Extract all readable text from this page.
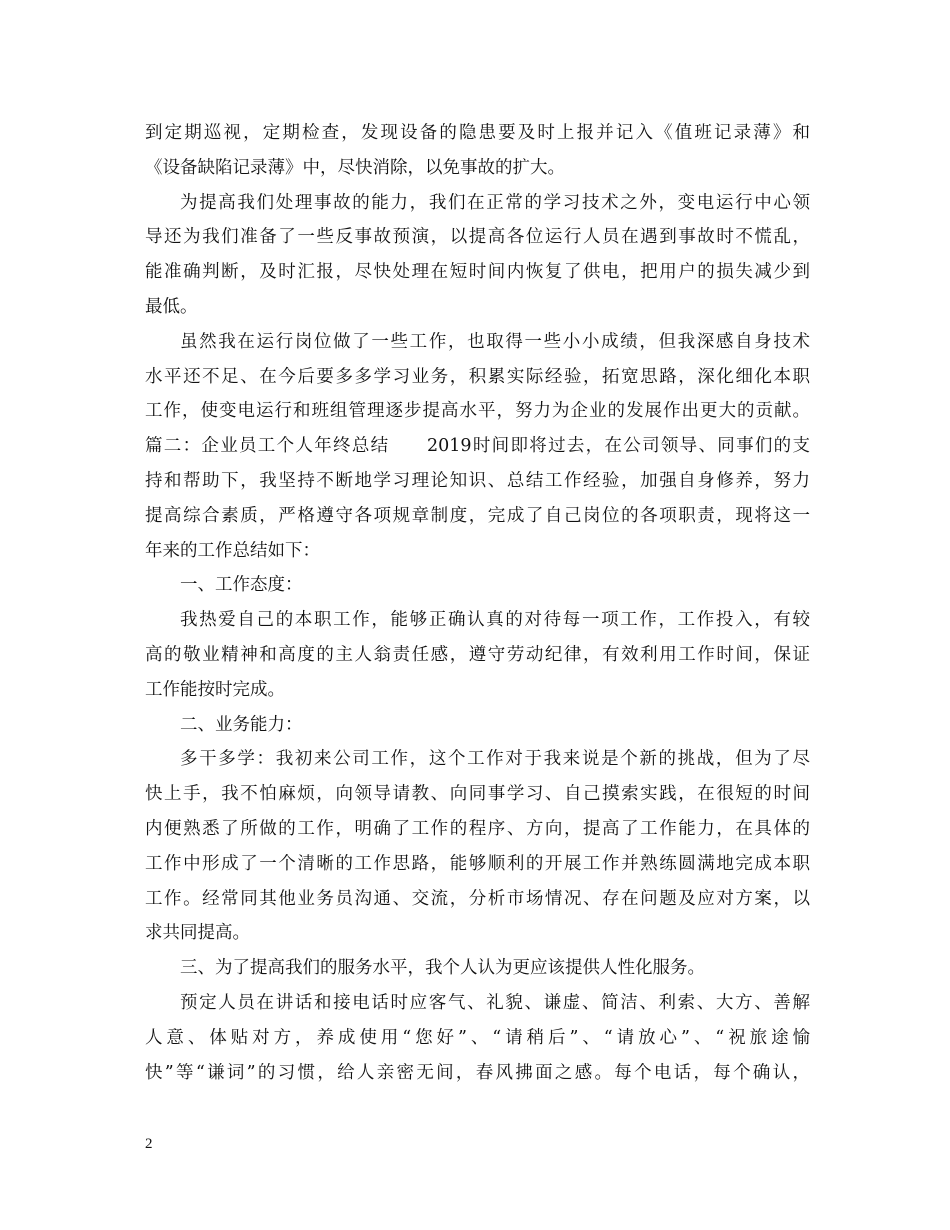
到定期巡视，定期检查，发现设备的隐患要及时上报并记入《值班记录薄》和
《设备缺陷记录薄》中，尽快消除，以免事故的扩大。
为提高我们处理事故的能力，我们在正常的学习技术之外，变电运行中心领
导还为我们准备了一些反事故预演，以提高各位运行人员在遇到事故时不慌乱，
能准确判断，及时汇报，尽快处理在短时间内恢复了供电，把用户的损失减少到
最低。
虽然我在运行岗位做了一些工作，也取得一些小小成绩，但我深感自身技术
水平还不足、在今后要多多学习业务，积累实际经验，拓宽思路，深化细化本职
工作，使变电运行和班组管理逐步提高水平，努力为企业的发展作出更大的贡献。
篇二：企业员工个人年终总结　　2019时间即将过去，在公司领导、同事们的支
持和帮助下，我坚持不断地学习理论知识、总结工作经验，加强自身修养，努力
提高综合素质，严格遵守各项规章制度，完成了自己岗位的各项职责，现将这一
年来的工作总结如下：
一、工作态度：
我热爱自己的本职工作，能够正确认真的对待每一项工作，工作投入，有较
高的敬业精神和高度的主人翁责任感，遵守劳动纪律，有效利用工作时间，保证
工作能按时完成。
二、业务能力：
多干多学：我初来公司工作，这个工作对于我来说是个新的挑战，但为了尽
快上手，我不怕麻烦，向领导请教、向同事学习、自己摸索实践，在很短的时间
内便熟悉了所做的工作，明确了工作的程序、方向，提高了工作能力，在具体的
工作中形成了一个清晰的工作思路，能够顺利的开展工作并熟练圆满地完成本职
工作。经常同其他业务员沟通、交流，分析市场情况、存在问题及应对方案，以
求共同提高。
三、为了提高我们的服务水平，我个人认为更应该提供人性化服务。
预定人员在讲话和接电话时应客气、礼貌、谦虚、简洁、利索、大方、善解
人意、体贴对方，养成使用“您好”、“请稍后”、“请放心”、“祝旅途愉
快”等“谦词”的习惯，给人亲密无间，春风拂面之感。每个电话，每个确认，
2
